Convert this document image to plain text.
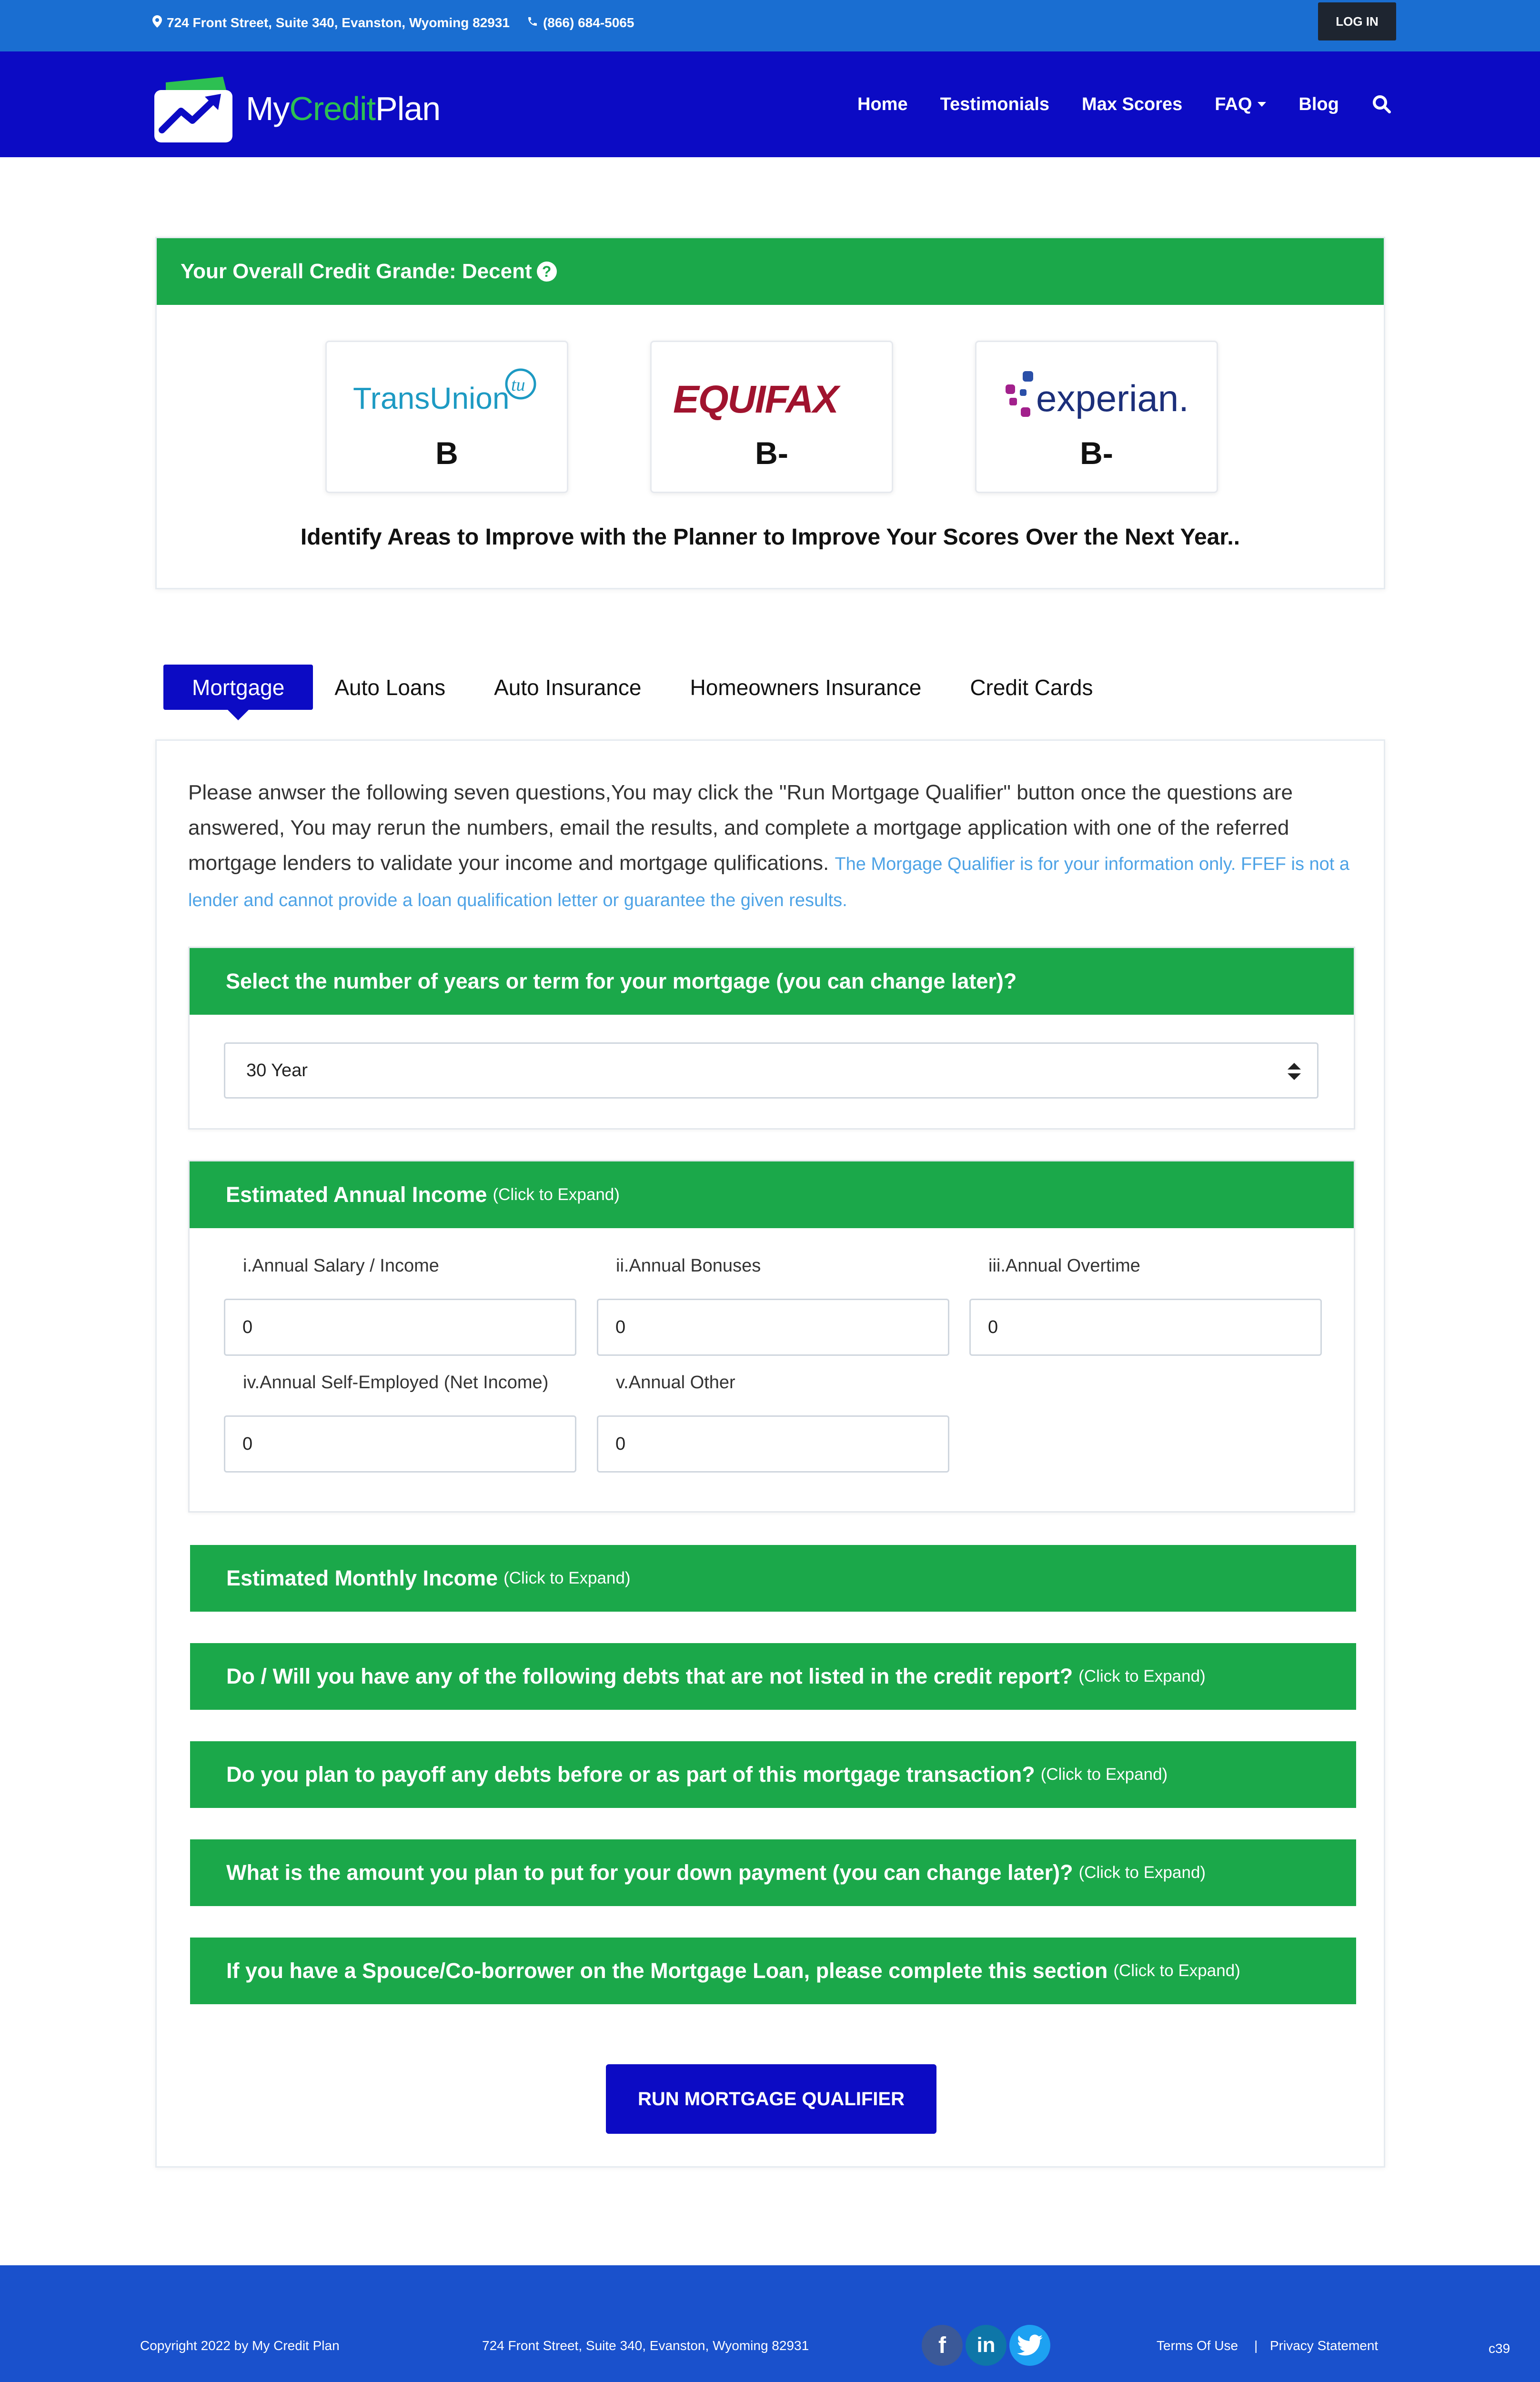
724 Front Street, Suite 340, Evanston, Wyoming 82931	(866) 684-5065	LOG IN
MyCreditPlan	Home Testimonials Max Scores FAQ	Blog
Your Overall Credit Grande: Decent ?
TransUnion tu
B
EQUIFAX
B-
experian.
B-
Identify Areas to Improve with the Planner to Improve Your Scores Over the Next Year..
Mortgage	Auto Loans Auto Insurance Homeowners Insurance Credit Cards
Please anwser the following seven questions,You may click the "Run Mortgage Qualifier" button once the questions are answered, You may rerun the numbers, email the results, and complete a mortgage application with one of the referred mortgage lenders to validate your income and mortgage qulifications. The Morgage Qualifier is for your information only. FFEF is not a lender and cannot provide a loan qualification letter or guarantee the given results.
Select the number of years or term for your mortgage (you can change later)?
30 Year
Estimated Annual Income (Click to Expand)
i.Annual Salary / Income
0
ii.Annual Bonuses
0
iii.Annual Overtime
0
iv.Annual Self-Employed (Net Income)
0
v.Annual Other
0
Estimated Monthly Income (Click to Expand)
Do / Will you have any of the following debts that are not listed in the credit report? (Click to Expand)
Do you plan to payoff any debts before or as part of this mortgage transaction? (Click to Expand)
What is the amount you plan to put for your down payment (you can change later)? (Click to Expand)
If you have a Spouce/Co-borrower on the Mortgage Loan, please complete this section (Click to Expand)
RUN MORTGAGE QUALIFIER
Copyright 2022 by My Credit Plan	724 Front Street, Suite 340, Evanston, Wyoming 82931	f	in	Terms Of Use | Privacy Statement	c39
